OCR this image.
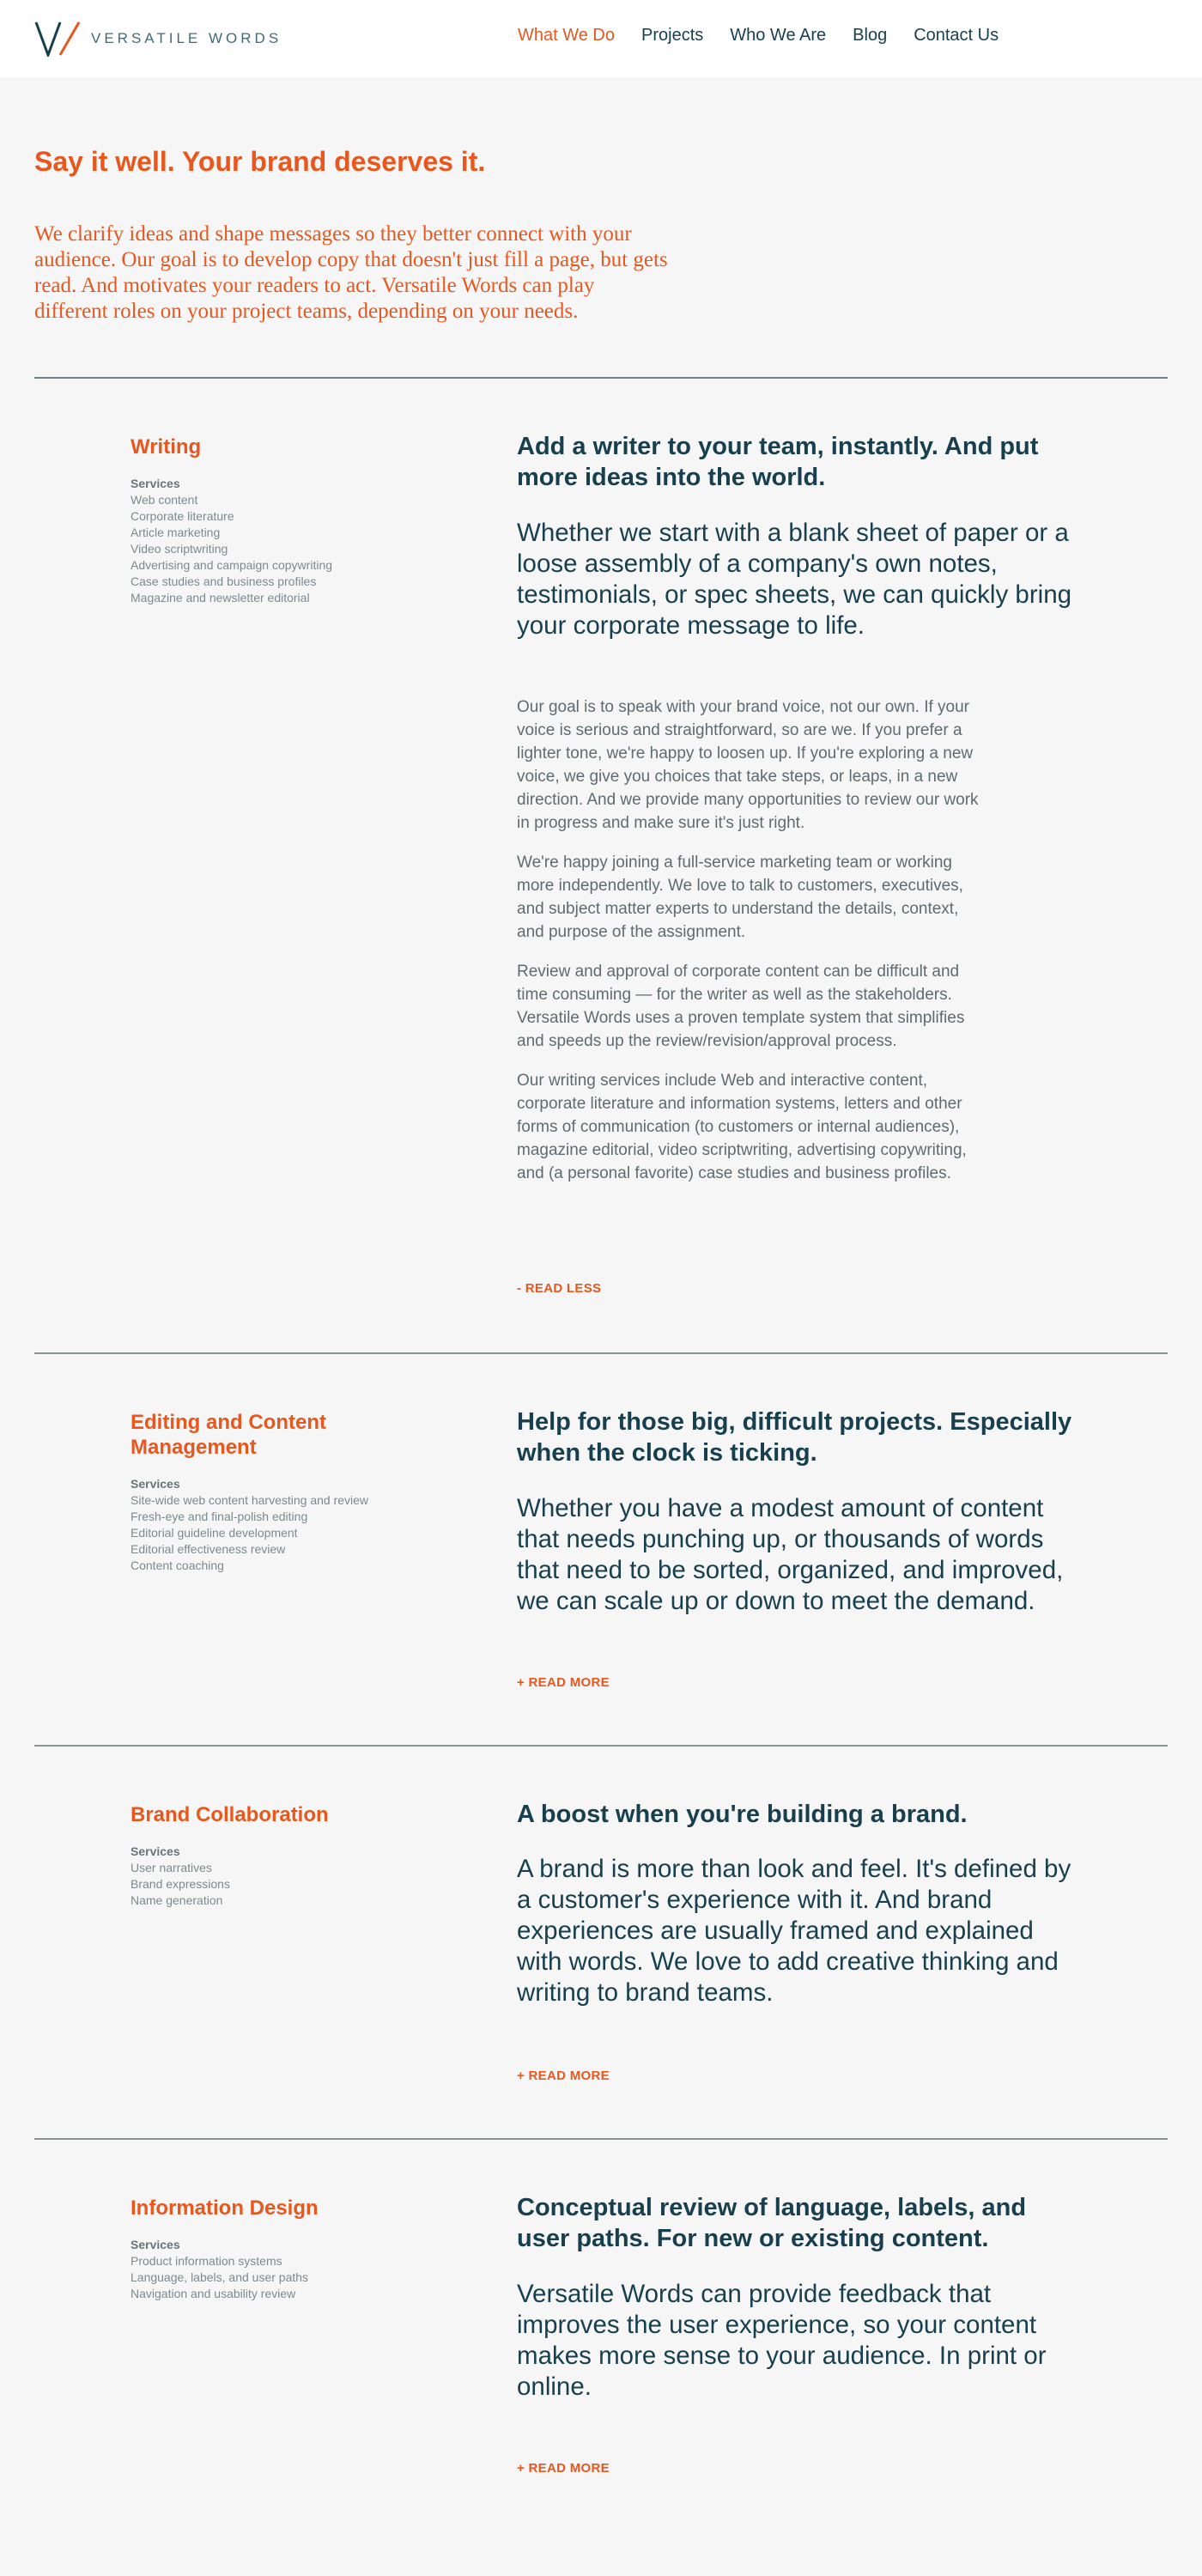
VERSATILE WORDS	What We Do Projects Who We Are Blog Contact Us
Say it well. Your brand deserves it.

We clarify ideas and shape messages so they better connect with your audience. Our goal is to develop copy that doesn't just fill a page, but gets read. And motivates your readers to act. Versatile Words can play different roles on your project teams, depending on your needs.

Writing
Services
Web content
Corporate literature
Article marketing
Video scriptwriting
Advertising and campaign copywriting
Case studies and business profiles
Magazine and newsletter editorial
Add a writer to your team, instantly. And put more ideas into the world.

Whether we start with a blank sheet of paper or a loose assembly of a company's own notes, testimonials, or spec sheets, we can quickly bring your corporate message to life.

Our goal is to speak with your brand voice, not our own. If your voice is serious and straightforward, so are we. If you prefer a lighter tone, we're happy to loosen up. If you're exploring a new voice, we give you choices that take steps, or leaps, in a new direction. And we provide many opportunities to review our work in progress and make sure it's just right.

We're happy joining a full-service marketing team or working more independently. We love to talk to customers, executives, and subject matter experts to understand the details, context, and purpose of the assignment.

Review and approval of corporate content can be difficult and time consuming — for the writer as well as the stakeholders. Versatile Words uses a proven template system that simplifies and speeds up the review/revision/approval process.

Our writing services include Web and interactive content, corporate literature and information systems, letters and other forms of communication (to customers or internal audiences), magazine editorial, video scriptwriting, advertising copywriting, and (a personal favorite) case studies and business profiles.

- READ LESS
Editing and Content Management
Services
Site-wide web content harvesting and review
Fresh-eye and final-polish editing
Editorial guideline development
Editorial effectiveness review
Content coaching
Help for those big, difficult projects. Especially when the clock is ticking.

Whether you have a modest amount of content that needs punching up, or thousands of words that need to be sorted, organized, and improved, we can scale up or down to meet the demand.

+ READ MORE
Brand Collaboration
Services
User narratives
Brand expressions
Name generation
A boost when you're building a brand.

A brand is more than look and feel. It's defined by a customer's experience with it. And brand experiences are usually framed and explained with words. We love to add creative thinking and writing to brand teams.

+ READ MORE
Information Design
Services
Product information systems
Language, labels, and user paths
Navigation and usability review
Conceptual review of language, labels, and user paths. For new or existing content.

Versatile Words can provide feedback that improves the user experience, so your content makes more sense to your audience. In print or online.

+ READ MORE
